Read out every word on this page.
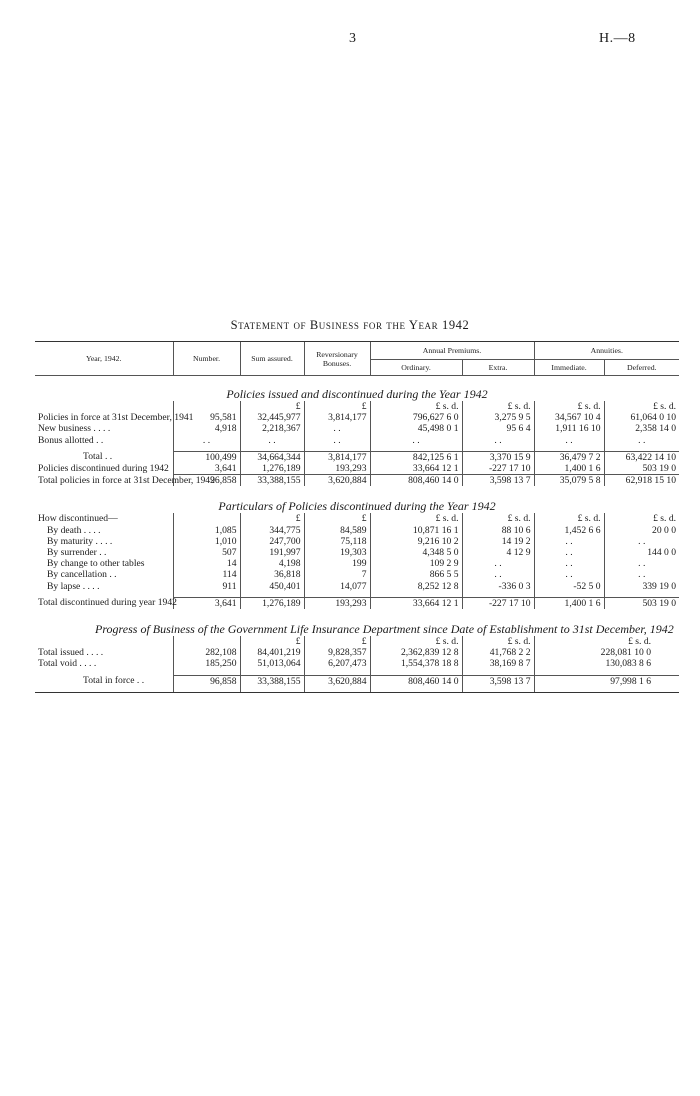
3	H.—8
Statement of Business for the Year 1942
Year, 1942.	Number.	Sum assured.	Reversionary Bonuses.	Annual Premiums.		Annuities.	
				Ordinary.	Extra.	Immediate.	Deferred.
Policies issued and discontinued during the Year 1942							
		£	£	£ s. d.	£ s. d.	£ s. d.	£ s. d.
Policies in force at 31st December, 1941	95,581	32,445,977	3,814,177	796,627 6 0	3,275 9 5	34,567 10 4	61,064 0 10
New business . . . .	4,918	2,218,367	. .	45,498 0 1	95 6 4	1,911 16 10	2,358 14 0
Bonus allotted . .	. .	. .	. .	. .	. .	. .	. .

Total . .	100,499	34,664,344	3,814,177	842,125 6 1	3,370 15 9	36,479 7 2	63,422 14 10
Policies discontinued during 1942	3,641	1,276,189	193,293	33,664 12 1	-227 17 10	1,400 1 6	503 19 0
Total policies in force at 31st December, 1942	96,858	33,388,155	3,620,884	808,460 14 0	3,598 13 7	35,079 5 8	62,918 15 10
Particulars of Policies discontinued during the Year 1942							
How discontinued—		£	£	£ s. d.	£ s. d.	£ s. d.	£ s. d.
By death . . . .	1,085	344,775	84,589	10,871 16 1	88 10 6	1,452 6 6	20 0 0
By maturity . . . .	1,010	247,700	75,118	9,216 10 2	14 19 2	. .	. .
By surrender . .	507	191,997	19,303	4,348 5 0	4 12 9	. .	144 0 0
By change to other tables	14	4,198	199	109 2 9	. .	. .	. .
By cancellation . .	114	36,818	7	866 5 5	. .	. .	. .
By lapse . . . .	911	450,401	14,077	8,252 12 8	-336 0 3	-52 5 0	339 19 0

Total discontinued during year 1942	3,641	1,276,189	193,293	33,664 12 1	-227 17 10	1,400 1 6	503 19 0
Progress of Business of the Government Life Insurance Department since Date of Establishment to 31st December, 1942							
		£	£	£ s. d.	£ s. d.	£ s. d.	
Total issued . . . .	282,108	84,401,219	9,828,357	2,362,839 12 8	41,768 2 2	228,081 10 0	
Total void . . . .	185,250	51,013,064	6,207,473	1,554,378 18 8	38,169 8 7	130,083 8 6	

Total in force . .	96,858	33,388,155	3,620,884	808,460 14 0	3,598 13 7	97,998 1 6	
